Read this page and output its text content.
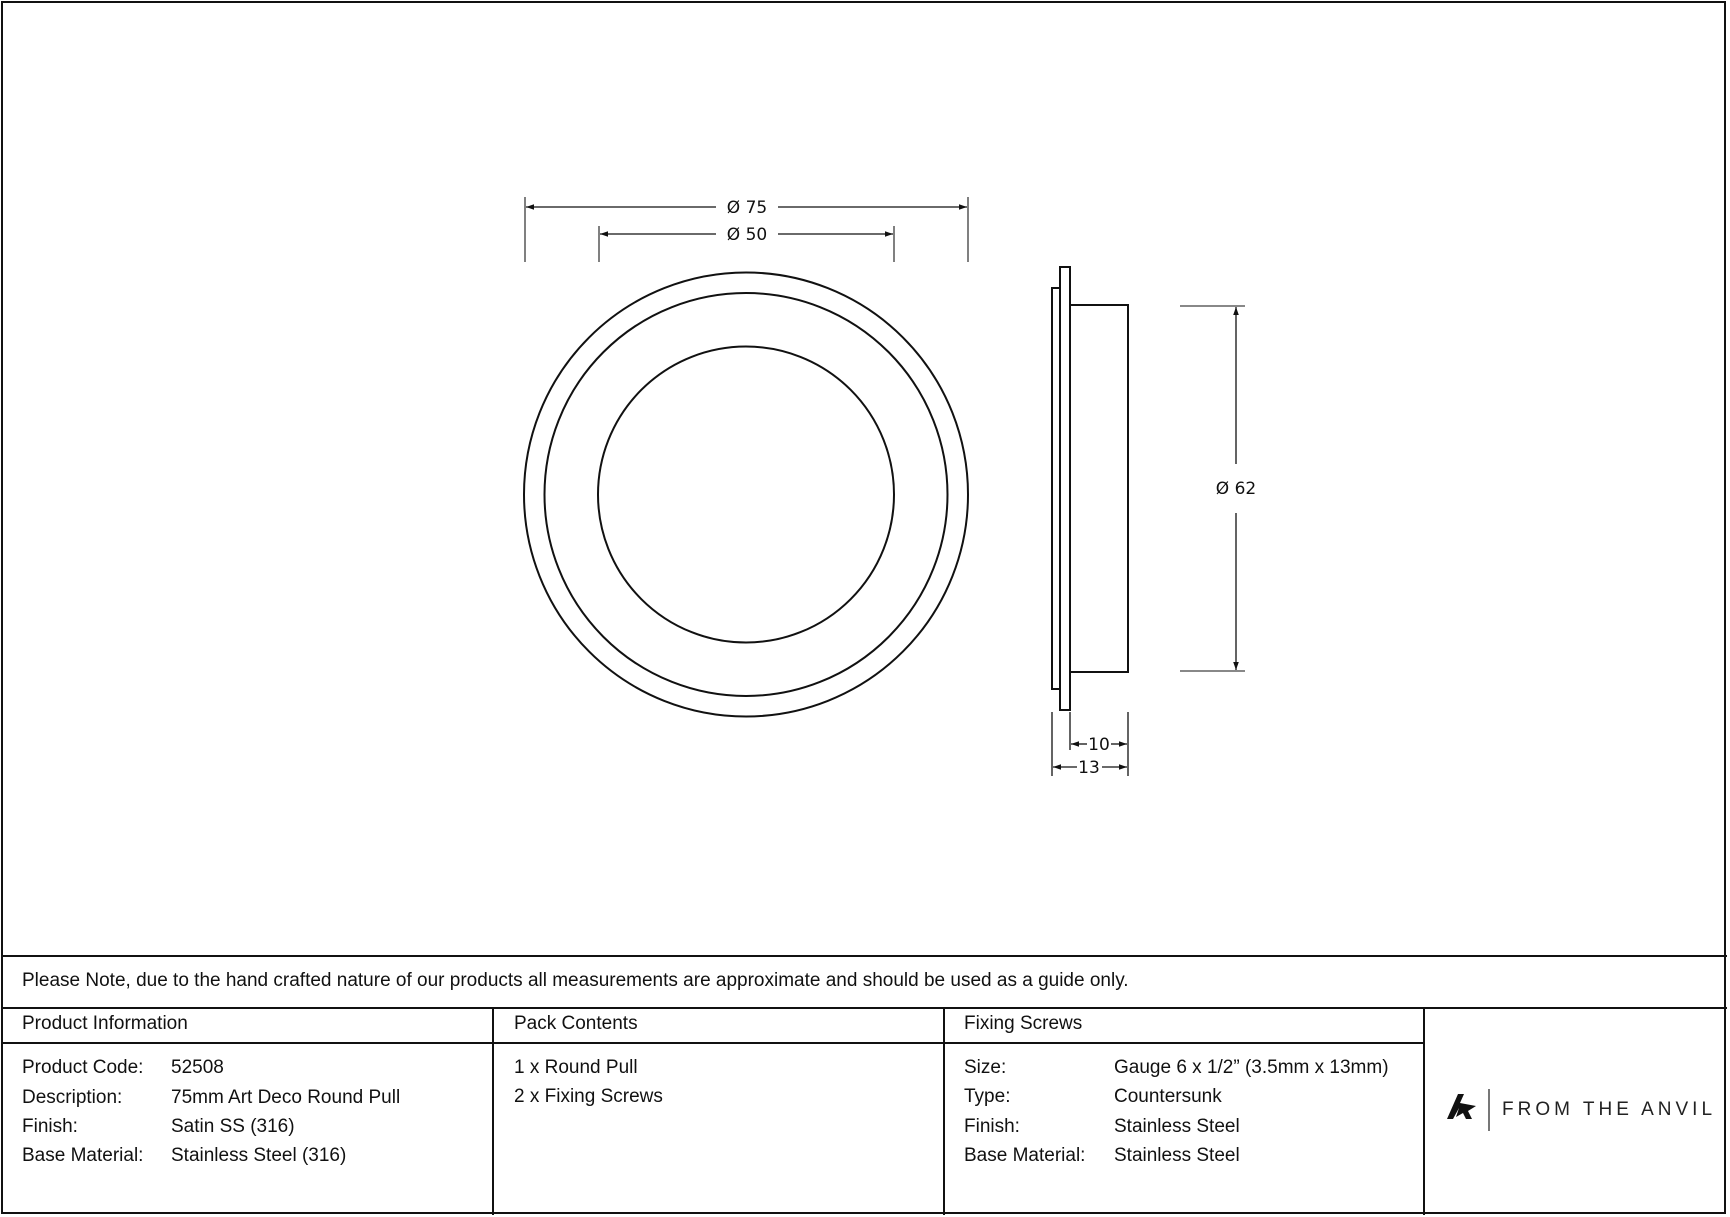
Ø 75
Ø 50
Ø 62
10
13
Please Note, due to the hand crafted nature of our products all measurements are approximate and should be used as a guide only.
Product Information
Product Code: 52508
Description:	75mm Art Deco Round Pull
Finish:	Satin SS (316)
Base Material: Stainless Steel (316)
Pack Contents
1 x Round Pull
2 x Fixing Screws
Fixing Screws
Size:	Gauge 6 x 1/2” (3.5mm x 13mm)
Type:	Countersunk
Finish:	Stainless Steel
Base Material: Stainless Steel
FROM THE ANVIL
